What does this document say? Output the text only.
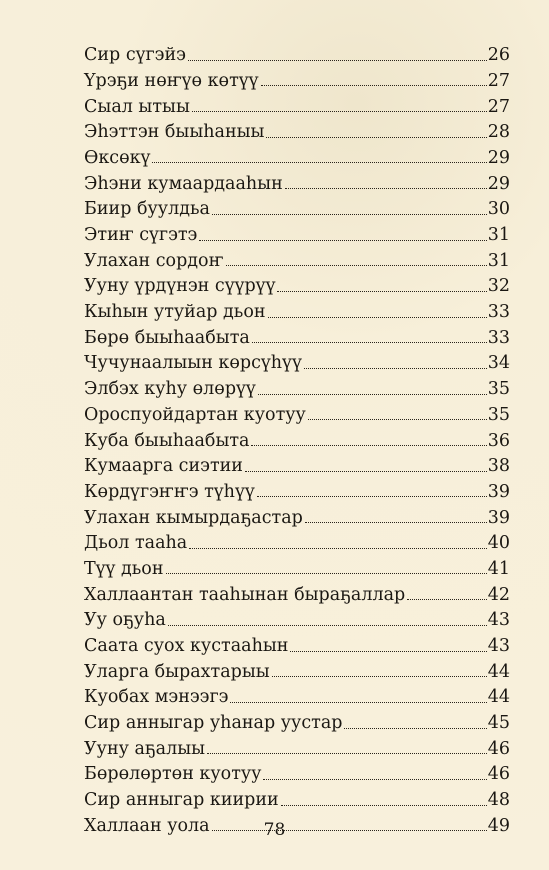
Сир сүгэйэ	26
Үрэҕи нөҥүө көтүү	27
Сыал ытыы	27
Эһэттэн быыһаныы	28
Өксөкү	29
Эһэни кумаардааһын	29
Биир буулдьа	30
Этиҥ сүгэтэ	31
Улахан сордоҥ	31
Ууну үрдүнэн сүүрүү	32
Кыһын утуйар дьон	33
Бөрө быыһаабыта	33
Чучунаалыын көрсүһүү	34
Элбэх куһу өлөрүү	35
Ороспуойдартан куотуу	35
Куба быыһаабыта	36
Кумаарга сиэтии	38
Көрдүгэҥҥэ түһүү	39
Улахан кымырдаҕастар	39
Дьол тааһа	40
Түү дьон	41
Халлаантан тааһынан быраҕаллар	42
Уу оҕуһа	43
Саата суох кустааһын	43
Уларга бырахтарыы	44
Куобах мэнээгэ	44
Сир анныгар уһанар уустар	45
Ууну аҕалыы	46
Бөрөлөртөн куотуу	46
Сир анныгар киирии	48
Халлаан уола	49
78
